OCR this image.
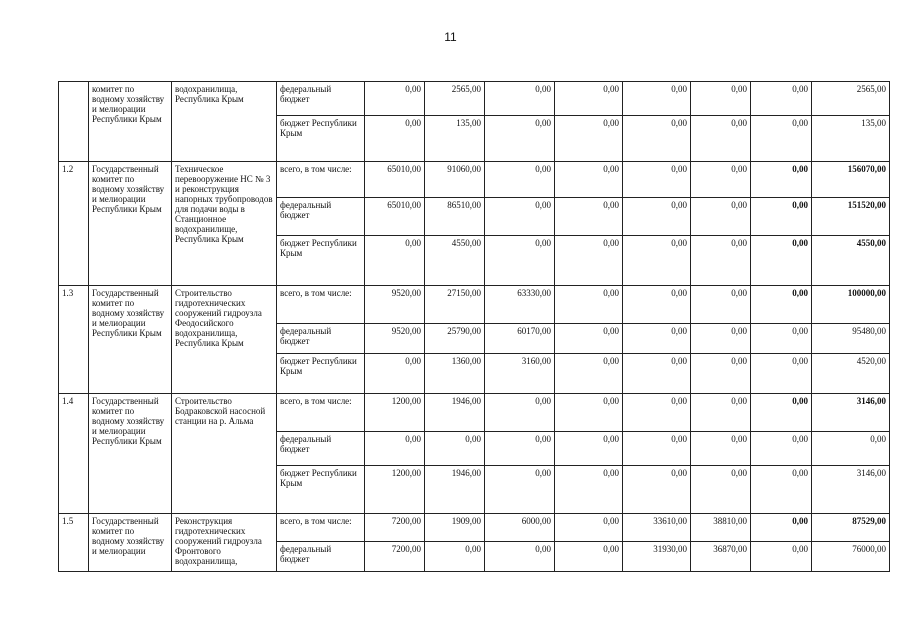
11
	комитет по водному хозяйству и мелиорации Республики Крым	водохранилища, Республика Крым	федеральный бюджет	0,00	2565,00	0,00	0,00	0,00	0,00	0,00	2565,00
			бюджет Республики Крым	0,00	135,00	0,00	0,00	0,00	0,00	0,00	135,00
1.2	Государственный комитет по водному хозяйству и мелиорации Республики Крым	Техническое перевооружение НС № 3 и реконструкция напорных трубопроводов для подачи воды в Станционное водохранилище, Республика Крым	всего, в том числе:	65010,00	91060,00	0,00	0,00	0,00	0,00	0,00	156070,00
			федеральный бюджет	65010,00	86510,00	0,00	0,00	0,00	0,00	0,00	151520,00
			бюджет Республики Крым	0,00	4550,00	0,00	0,00	0,00	0,00	0,00	4550,00
1.3	Государственный комитет по водному хозяйству и мелиорации Республики Крым	Строительство гидротехнических сооружений гидроузла Феодосийского водохранилища, Республика Крым	всего, в том числе:	9520,00	27150,00	63330,00	0,00	0,00	0,00	0,00	100000,00
			федеральный бюджет	9520,00	25790,00	60170,00	0,00	0,00	0,00	0,00	95480,00
			бюджет Республики Крым	0,00	1360,00	3160,00	0,00	0,00	0,00	0,00	4520,00
1.4	Государственный комитет по водному хозяйству и мелиорации Республики Крым	Строительство Бодраковской насосной станции на р. Альма	всего, в том числе:	1200,00	1946,00	0,00	0,00	0,00	0,00	0,00	3146,00
			федеральный бюджет	0,00	0,00	0,00	0,00	0,00	0,00	0,00	0,00
			бюджет Республики Крым	1200,00	1946,00	0,00	0,00	0,00	0,00	0,00	3146,00
1.5	Государственный комитет по водному хозяйству и мелиорации	Реконструкция гидротехнических сооружений гидроузла Фронтового водохранилища,	всего, в том числе:	7200,00	1909,00	6000,00	0,00	33610,00	38810,00	0,00	87529,00
			федеральный бюджет	7200,00	0,00	0,00	0,00	31930,00	36870,00	0,00	76000,00
